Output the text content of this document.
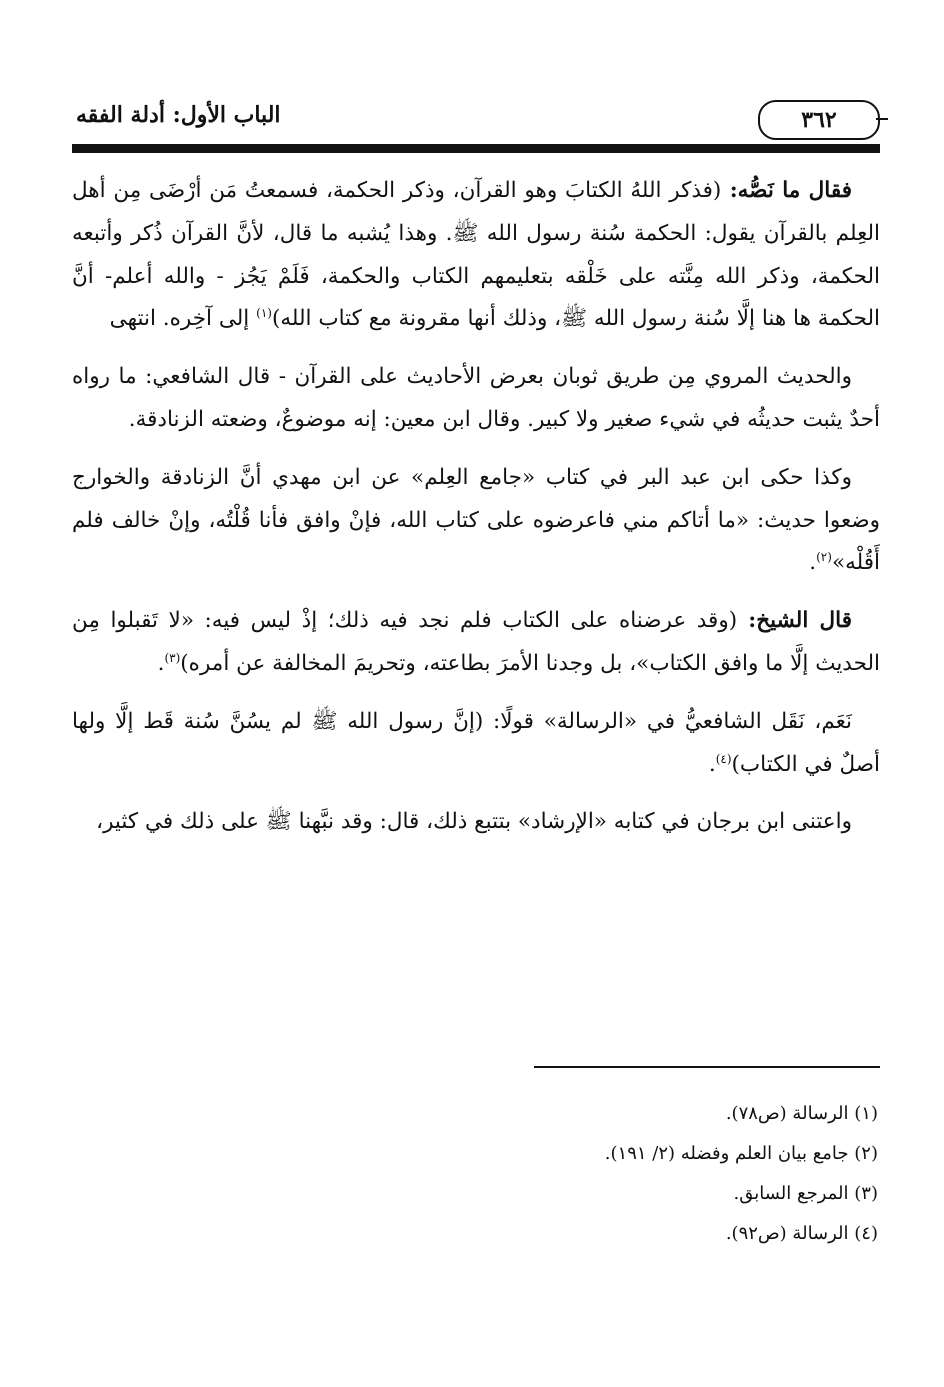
٣٦٢
الباب الأول: أدلة الفقه

فقال ما نَصُّه: (فذكر اللهُ الكتابَ وهو القرآن، وذكر الحكمة، فسمعتُ مَن أرْضَى مِن أهل العِلم بالقرآن يقول: الحكمة سُنة رسول الله ﷺ. وهذا يُشبه ما قال، لأنَّ القرآن ذُكر وأتبعه الحكمة، وذكر الله مِنَّته على خَلْقه بتعليمهم الكتاب والحكمة، فَلَمْ يَجُز - والله أعلم- أنَّ الحكمة ها هنا إلَّا سُنة رسول الله ﷺ، وذلك أنها مقرونة مع كتاب الله)$^{(١)}$ إلى آخِره. انتهى

والحديث المروي مِن طريق ثوبان بعرض الأحاديث على القرآن - قال الشافعي: ما رواه أحدٌ يثبت حديثُه في شيء صغير ولا كبير. وقال ابن معين: إنه موضوعٌ، وضعته الزنادقة.

وكذا حكى ابن عبد البر في كتاب «جامع العِلم» عن ابن مهدي أنَّ الزنادقة والخوارج وضعوا حديث: «ما أتاكم مني فاعرضوه على كتاب الله، فإنْ وافق فأنا قُلْتُه، وإنْ خالف فلم أَقُلْه»$^{(٢)}$.

قال الشيخ: (وقد عرضناه على الكتاب فلم نجد فيه ذلك؛ إذْ ليس فيه: «لا تَقبلوا مِن الحديث إلَّا ما وافق الكتاب»، بل وجدنا الأمرَ بطاعته، وتحريمَ المخالفة عن أمره)$^{(٣)}$.

نَعَم، نَقَل الشافعيُّ في «الرسالة» قولًا: (إنَّ رسول الله ﷺ لم يسُنَّ سُنة قَط إلَّا ولها أصلٌ في الكتاب)$^{(٤)}$.

واعتنى ابن برجان في كتابه «الإرشاد» بتتبع ذلك، قال: وقد نبَّهنا ﷺ على ذلك في كثير،

(١) الرسالة (ص٧٨).

(٢) جامع بيان العلم وفضله (٢/ ١٩١).

(٣) المرجع السابق.

(٤) الرسالة (ص٩٢).
